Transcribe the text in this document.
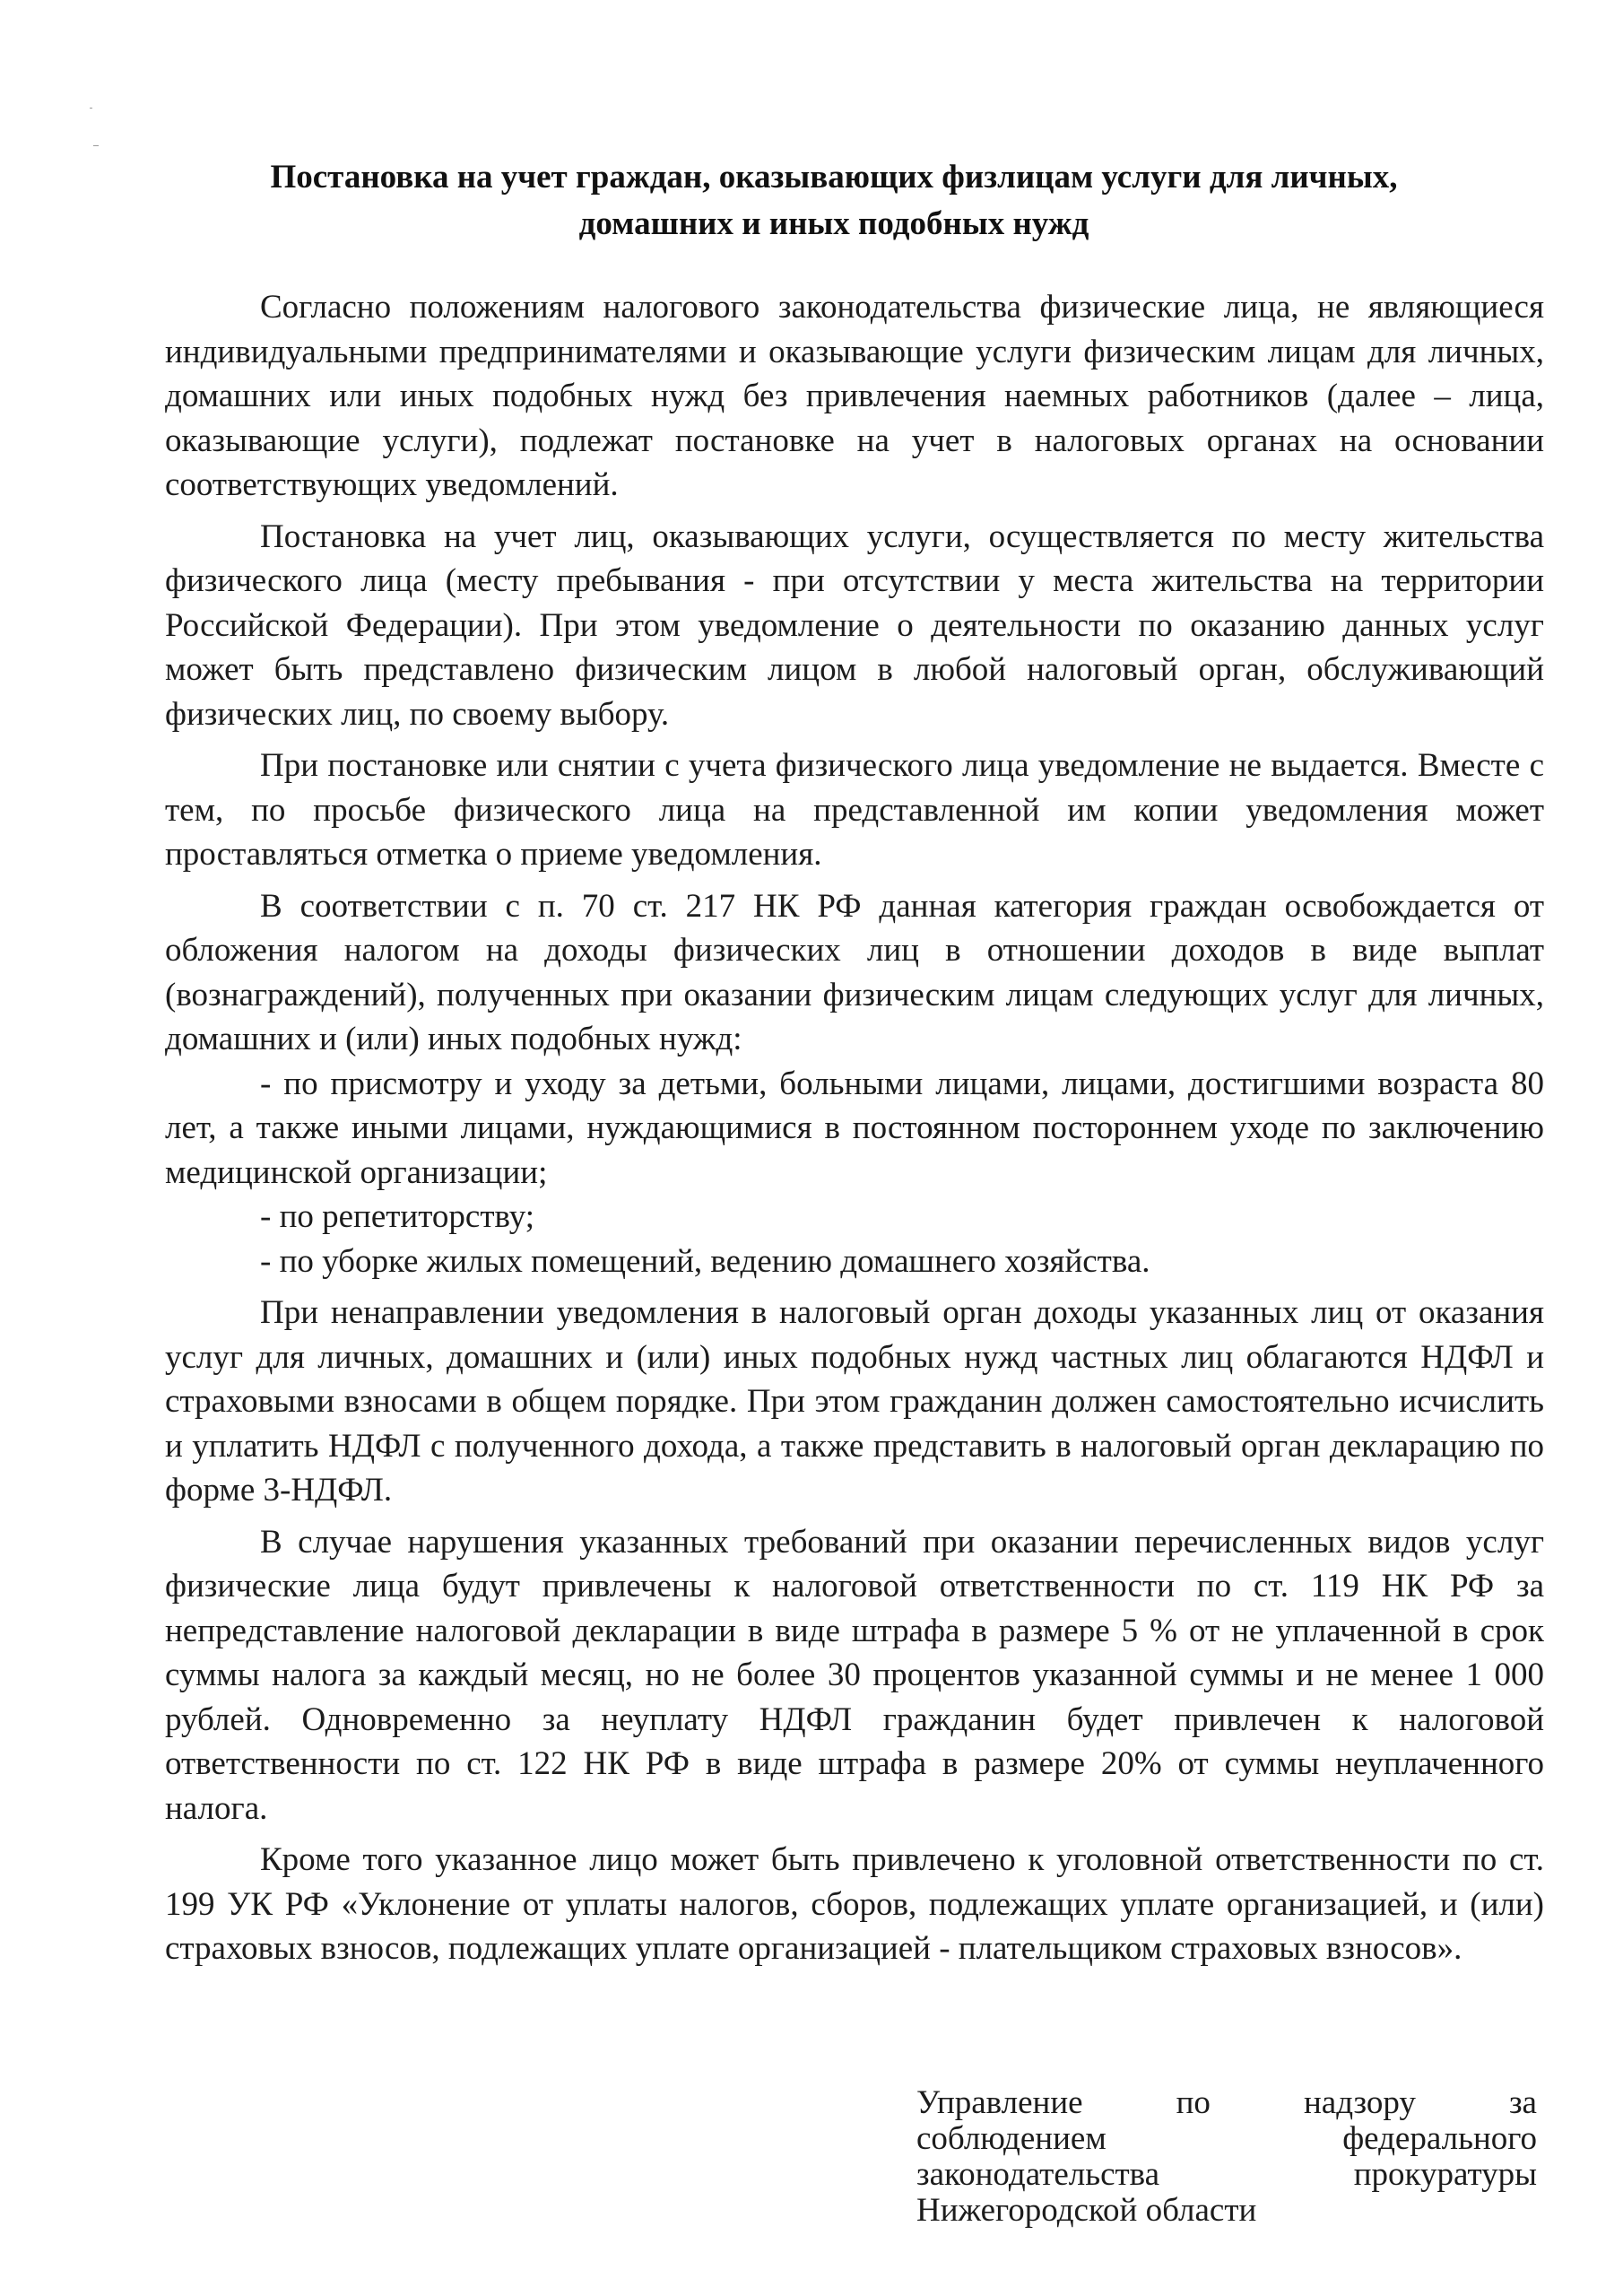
Постановка на учет граждан, оказывающих физлицам услуги для личных,
домашних и иных подобных нужд

Согласно положениям налогового законодательства физические лица, не являющиеся индивидуальными предпринимателями и оказывающие услуги физическим лицам для личных, домашних или иных подобных нужд без привлечения наемных работников (далее – лица, оказывающие услуги), подлежат постановке на учет в налоговых органах на основании соответствующих уведомлений.

Постановка на учет лиц, оказывающих услуги, осуществляется по месту жительства физического лица (месту пребывания - при отсутствии у места жительства на территории Российской Федерации). При этом уведомление о деятельности по оказанию данных услуг может быть представлено физическим лицом в любой налоговый орган, обслуживающий физических лиц, по своему выбору.

При постановке или снятии с учета физического лица уведомление не выдается. Вместе с тем, по просьбе физического лица на представленной им копии уведомления может проставляться отметка о приеме уведомления.

В соответствии с п. 70 ст. 217 НК РФ данная категория граждан освобождается от обложения налогом на доходы физических лиц в отношении доходов в виде выплат (вознаграждений), полученных при оказании физическим лицам следующих услуг для личных, домашних и (или) иных подобных нужд:

- по присмотру и уходу за детьми, больными лицами, лицами, достигшими возраста 80 лет, а также иными лицами, нуждающимися в постоянном постороннем уходе по заключению медицинской организации;

- по репетиторству;

- по уборке жилых помещений, ведению домашнего хозяйства.

При ненаправлении уведомления в налоговый орган доходы указанных лиц от оказания услуг для личных, домашних и (или) иных подобных нужд частных лиц облагаются НДФЛ и страховыми взносами в общем порядке. При этом гражданин должен самостоятельно исчислить и уплатить НДФЛ с полученного дохода, а также представить в налоговый орган декларацию по форме 3-НДФЛ.

В случае нарушения указанных требований при оказании перечисленных видов услуг физические лица будут привлечены к налоговой ответственности по ст. 119 НК РФ за непредставление налоговой декларации в виде штрафа в размере 5 % от не уплаченной в срок суммы налога за каждый месяц, но не более 30 процентов указанной суммы и не менее 1 000 рублей. Одновременно за неуплату НДФЛ гражданин будет привлечен к налоговой ответственности по ст. 122 НК РФ в виде штрафа в размере 20% от суммы неуплаченного налога.

Кроме того указанное лицо может быть привлечено к уголовной ответственности по ст. 199 УК РФ «Уклонение от уплаты налогов, сборов, подлежащих уплате организацией, и (или) страховых взносов, подлежащих уплате организацией - плательщиком страховых взносов».

Управление	по	надзору	за
соблюдением	федерального
законодательства	прокуратуры
Нижегородской области
